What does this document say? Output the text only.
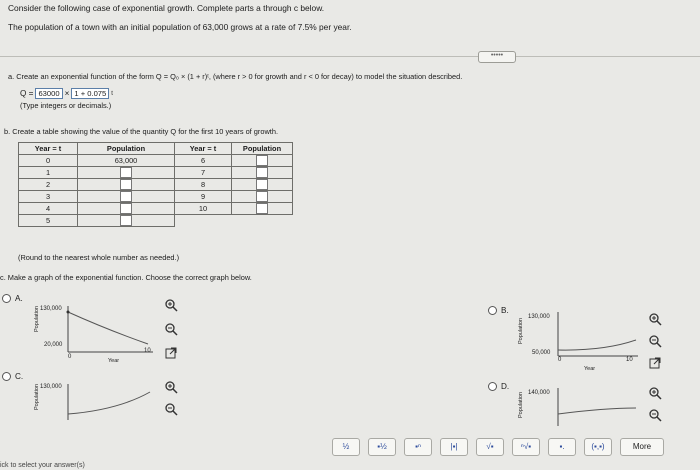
Consider the following case of exponential growth. Complete parts a through c below.
The population of a town with an initial population of 63,000 grows at a rate of 7.5% per year.
•••••
a. Create an exponential function of the form Q = Q₀ × (1 + r)ᵗ, (where r > 0 for growth and r < 0 for decay) to model the situation described.
Q = 63000 × 1 + 0.075 t
(Type integers or decimals.)
b. Create a table showing the value of the quantity Q for the first 10 years of growth.
Year = t	Population	Year = t	Population
0	63,000	6	
1		7	
2		8	
3		9	
4		10	
5			
(Round to the nearest whole number as needed.)
c. Make a graph of the exponential function. Choose the correct graph below.
A.
Population 130,000
20,000
0
10
Year
B.
Population
130,000
50,000
0	10
Year
C.
Population 130,000	D.
Population 140,000
½	▪½	▪ⁿ	|▪|	√▪	ⁿ√▪	▪.	(▪,▪)	More
ick to select your answer(s)
